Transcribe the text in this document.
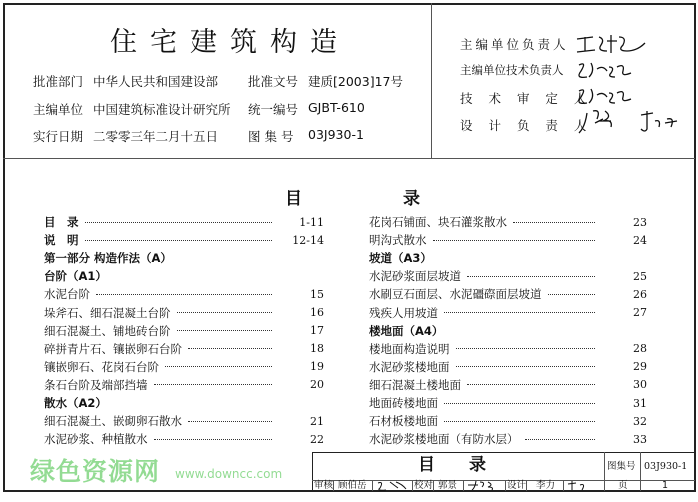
住宅建筑构造
批准部门 中华人民共和国建设部
主编单位 中国建筑标准设计研究所
实行日期 二零零三年二月十五日
批准文号 建质[2003]17号
统一编号 GJBT-610
图 集 号 03J930-1
主编单位负责人
主编单位技术负责人
技 术 审 定 人
设 计 负 责 人
目	录
目　录	1-11
说　明	12-14
第一部分 构造作法（A）
台阶（A1）
水泥台阶	15
垛斧石、细石混凝土台阶	16
细石混凝土、铺地砖台阶	17
碎拼青片石、镶嵌卵石台阶	18
镶嵌卵石、花岗石台阶	19
条石台阶及端部挡墙	20
散水（A2）
细石混凝土、嵌砌卵石散水	21
水泥砂浆、种植散水	22
花岗石铺面、块石灌浆散水	23
明沟式散水	24
坡道（A3）
水泥砂浆面层坡道	25
水刷豆石面层、水泥礓磜面层坡道	26
残疾人用坡道	27
楼地面（A4）
楼地面构造说明	28
水泥砂浆楼地面	29
细石混凝土楼地面	30
地面砖楼地面	31
石材板楼地面	32
水泥砂浆楼地面（有防水层）	33
目　　录	图集号 03J930-1
审核 顾伯岳	校对 郭景	设计 李力	页	1
绿色资源网 www.downcc.com
